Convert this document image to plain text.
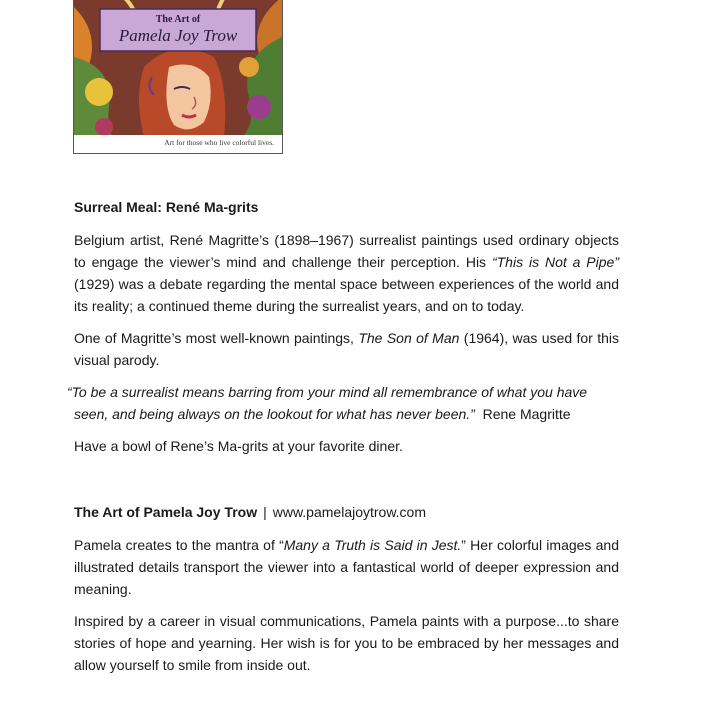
The Art of
Pamela Joy Trow
Art for those who live colorful lives.

Surreal Meal: René Ma-grits

Belgium artist, René Magritte’s (1898–1967) surrealist paintings used ordinary objects to engage the viewer’s mind and challenge their perception. His “This is Not a Pipe” (1929) was a debate regarding the mental space between experiences of the world and its reality; a continued theme during the surrealist years, and on to today.

One of Magritte’s most well-known paintings, The Son of Man (1964), was used for this visual parody.

“To be a surrealist means barring from your mind all remembrance of what you have seen, and being always on the lookout for what has never been.” Rene Magritte

Have a bowl of Rene’s Ma-grits at your favorite diner.

The Art of Pamela Joy Trow | www.pamelajoytrow.com

Pamela creates to the mantra of “Many a Truth is Said in Jest.” Her colorful images and illustrated details transport the viewer into a fantastical world of deeper expression and meaning.

Inspired by a career in visual communications, Pamela paints with a purpose...to share stories of hope and yearning. Her wish is for you to be embraced by her messages and allow yourself to smile from inside out.
